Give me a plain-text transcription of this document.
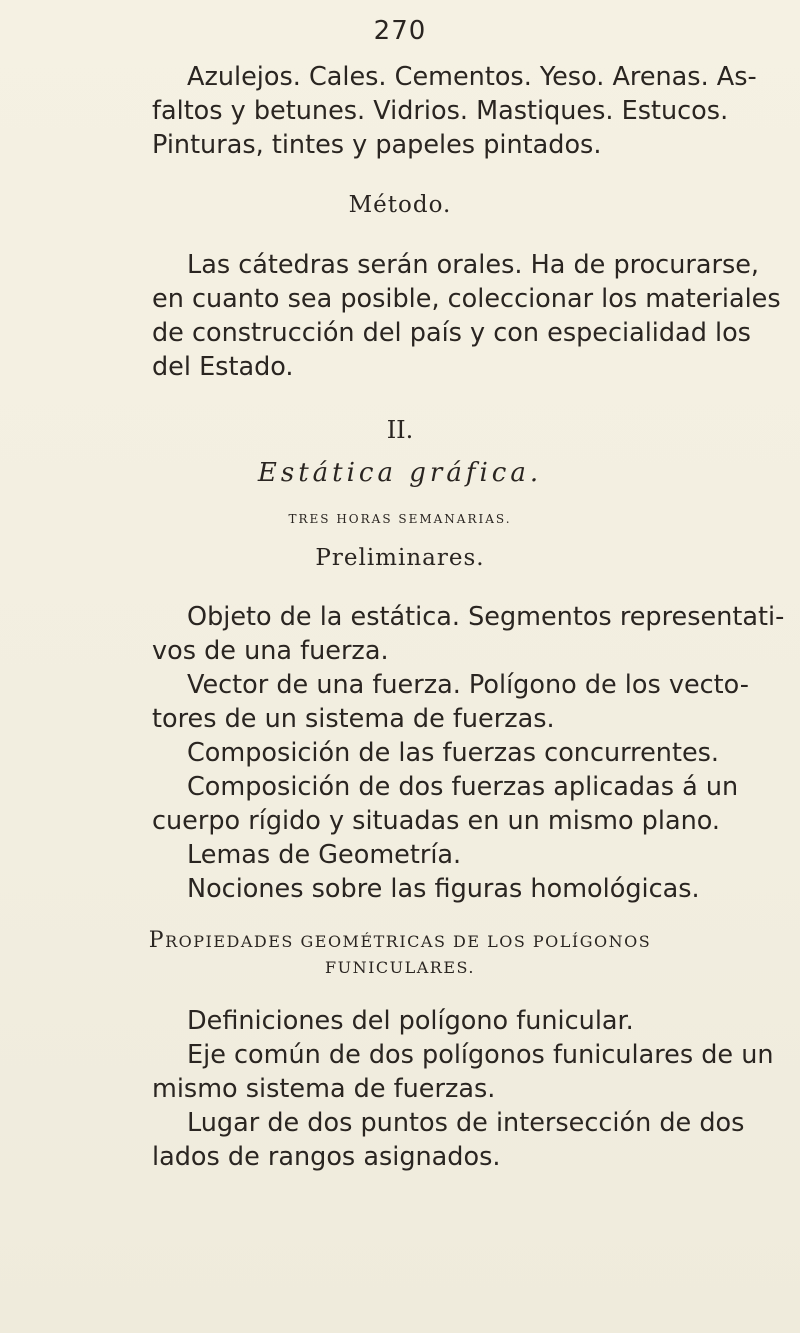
270
Azulejos. Cales. Cementos. Yeso. Arenas. As-
faltos y betunes. Vidrios. Mastiques. Estucos.
Pinturas, tintes y papeles pintados.
Método.
Las cátedras serán orales. Ha de procurarse,
en cuanto sea posible, coleccionar los materiales
de construcción del país y con especialidad los
del Estado.
II.
Estática gráfica.
TRES HORAS SEMANARIAS.
Preliminares.
Objeto de la estática. Segmentos representati-
vos de una fuerza.
Vector de una fuerza. Polígono de los vecto-
tores de un sistema de fuerzas.
Composición de las fuerzas concurrentes.
Composición de dos fuerzas aplicadas á un
cuerpo rígido y situadas en un mismo plano.
Lemas de Geometría.
Nociones sobre las figuras homológicas.
PROPIEDADES GEOMÉTRICAS DE LOS POLÍGONOS
FUNICULARES.
Definiciones del polígono funicular.
Eje común de dos polígonos funiculares de un
mismo sistema de fuerzas.
Lugar de dos puntos de intersección de dos
lados de rangos asignados.
